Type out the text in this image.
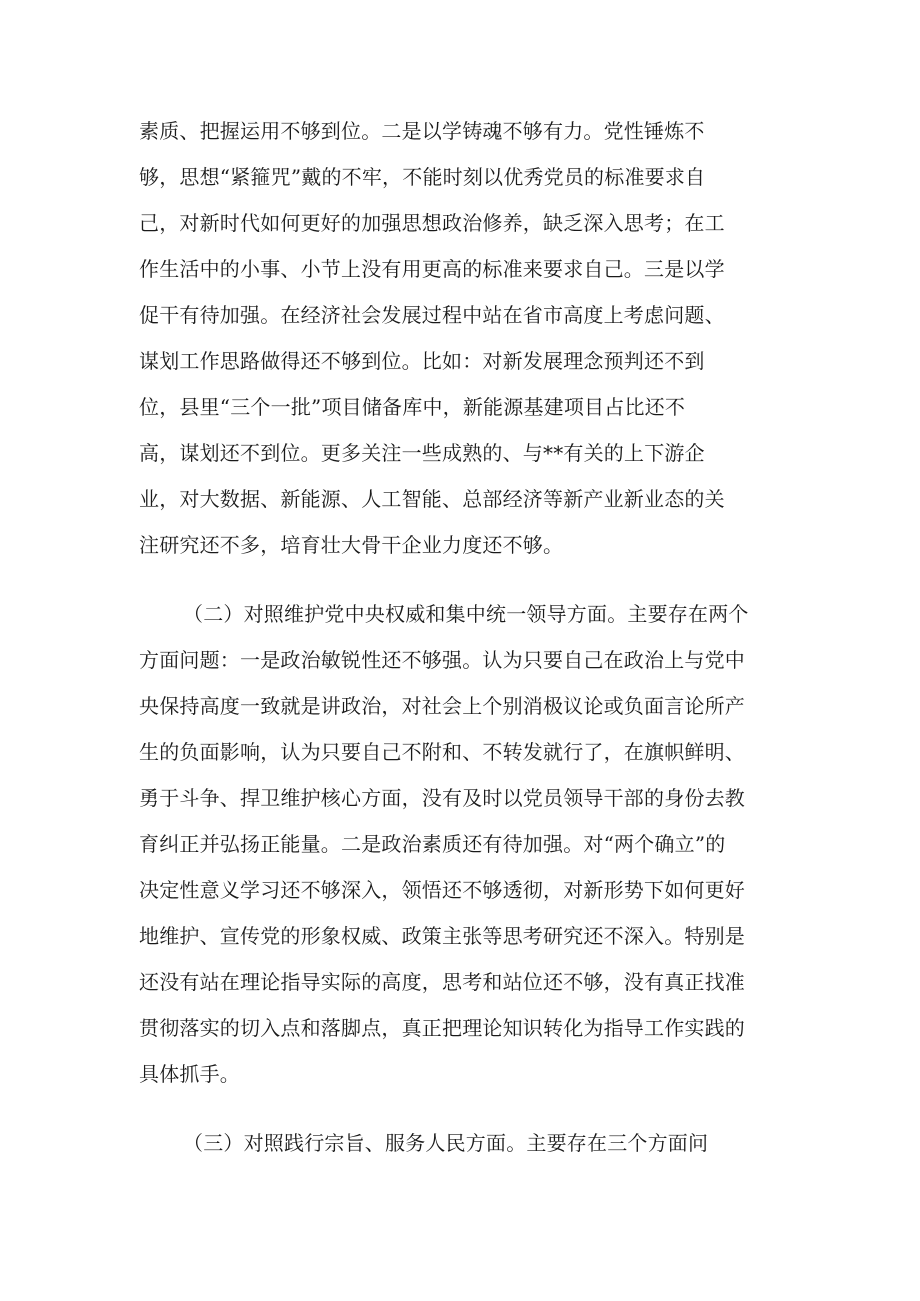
素质、把握运用不够到位。二是以学铸魂不够有力。党性锤炼不
够，思想“紧箍咒”戴的不牢，不能时刻以优秀党员的标准要求自
己，对新时代如何更好的加强思想政治修养，缺乏深入思考；在工
作生活中的小事、小节上没有用更高的标准来要求自己。三是以学
促干有待加强。在经济社会发展过程中站在省市高度上考虑问题、
谋划工作思路做得还不够到位。比如：对新发展理念预判还不到
位，县里“三个一批”项目储备库中，新能源基建项目占比还不
高，谋划还不到位。更多关注一些成熟的、与**有关的上下游企
业，对大数据、新能源、人工智能、总部经济等新产业新业态的关
注研究还不多，培育壮大骨干企业力度还不够。
（二）对照维护党中央权威和集中统一领导方面。主要存在两个
方面问题：一是政治敏锐性还不够强。认为只要自己在政治上与党中
央保持高度一致就是讲政治，对社会上个别消极议论或负面言论所产
生的负面影响，认为只要自己不附和、不转发就行了，在旗帜鲜明、
勇于斗争、捍卫维护核心方面，没有及时以党员领导干部的身份去教
育纠正并弘扬正能量。二是政治素质还有待加强。对“两个确立”的
决定性意义学习还不够深入，领悟还不够透彻，对新形势下如何更好
地维护、宣传党的形象权威、政策主张等思考研究还不深入。特别是
还没有站在理论指导实际的高度，思考和站位还不够，没有真正找准
贯彻落实的切入点和落脚点，真正把理论知识转化为指导工作实践的
具体抓手。
（三）对照践行宗旨、服务人民方面。主要存在三个方面问
